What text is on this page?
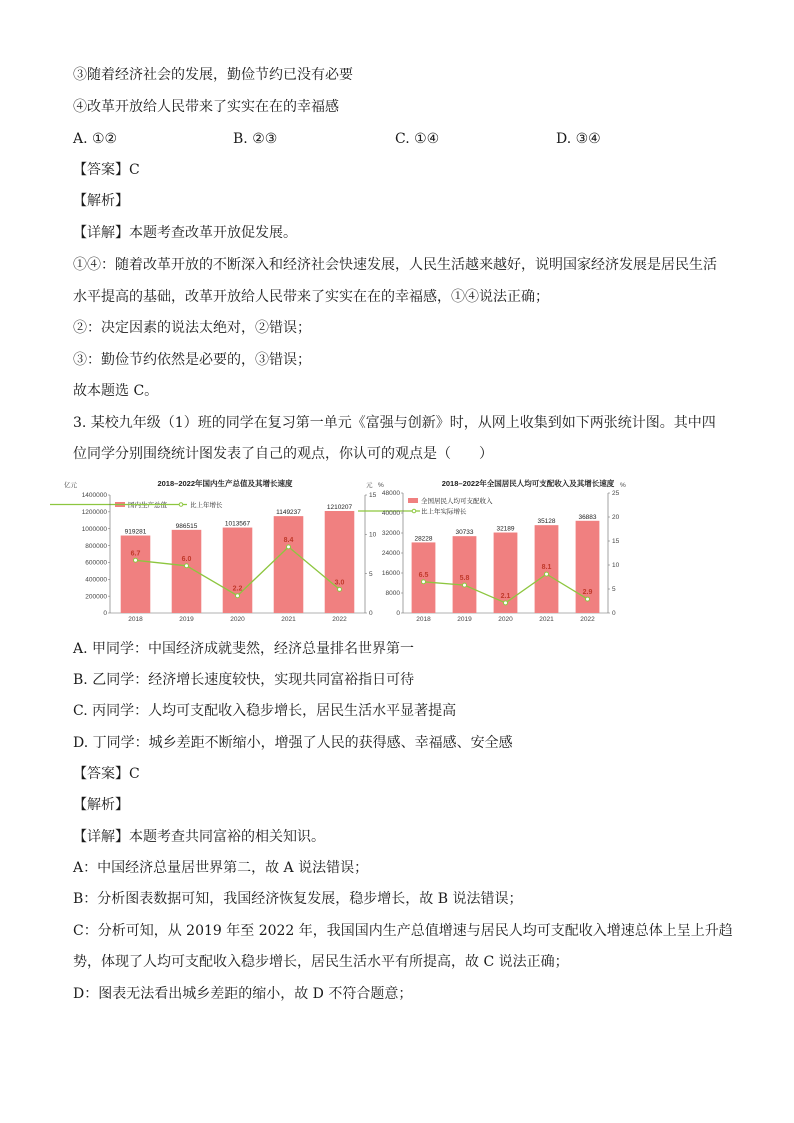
③随着经济社会的发展，勤俭节约已没有必要
④改革开放给人民带来了实实在在的幸福感
A. ①②	B. ②③	C. ①④	D. ③④
【答案】C
【解析】
【详解】本题考查改革开放促发展。
①④：随着改革开放的不断深入和经济社会快速发展，人民生活越来越好，说明国家经济发展是居民生活
水平提高的基础，改革开放给人民带来了实实在在的幸福感，①④说法正确；
②：决定因素的说法太绝对，②错误；
③：勤俭节约依然是必要的，③错误；
故本题选 C。
3. 某校九年级（1）班的同学在复习第一单元《富强与创新》时，从网上收集到如下两张统计图。其中四
位同学分别围绕统计图发表了自己的观点，你认可的观点是（　　）
2018–2022年国内生产总值及其增长速度
亿元	%
国内生产总值	比上年增长
0
200000
400000
600000
800000
1000000
1200000
1400000
0
5
10
15
919281
2018
986515
2019
1013567
2020
1149237
2021
1210207
2022
6.7
6.0
2.2
8.4
3.0
2018–2022年全国居民人均可支配收入及其增长速度
元	%
全国居民人均可支配收入
比上年实际增长
0
8000
16000
24000
32000
40000
48000
0
5
10
15
20
25
28228
2018
30733
2019
32189
2020
35128
2021
36883
2022
6.5	5.8
2.1
8.1
2.9
A. 甲同学：中国经济成就斐然，经济总量排名世界第一
B. 乙同学：经济增长速度较快，实现共同富裕指日可待
C. 丙同学：人均可支配收入稳步增长，居民生活水平显著提高
D. 丁同学：城乡差距不断缩小，增强了人民的获得感、幸福感、安全感
【答案】C
【解析】
【详解】本题考查共同富裕的相关知识。
A：中国经济总量居世界第二，故 A 说法错误；
B：分析图表数据可知，我国经济恢复发展，稳步增长，故 B 说法错误；
C：分析可知，从 2019 年至 2022 年，我国国内生产总值增速与居民人均可支配收入增速总体上呈上升趋
势，体现了人均可支配收入稳步增长，居民生活水平有所提高，故 C 说法正确；
D：图表无法看出城乡差距的缩小，故 D 不符合题意；
